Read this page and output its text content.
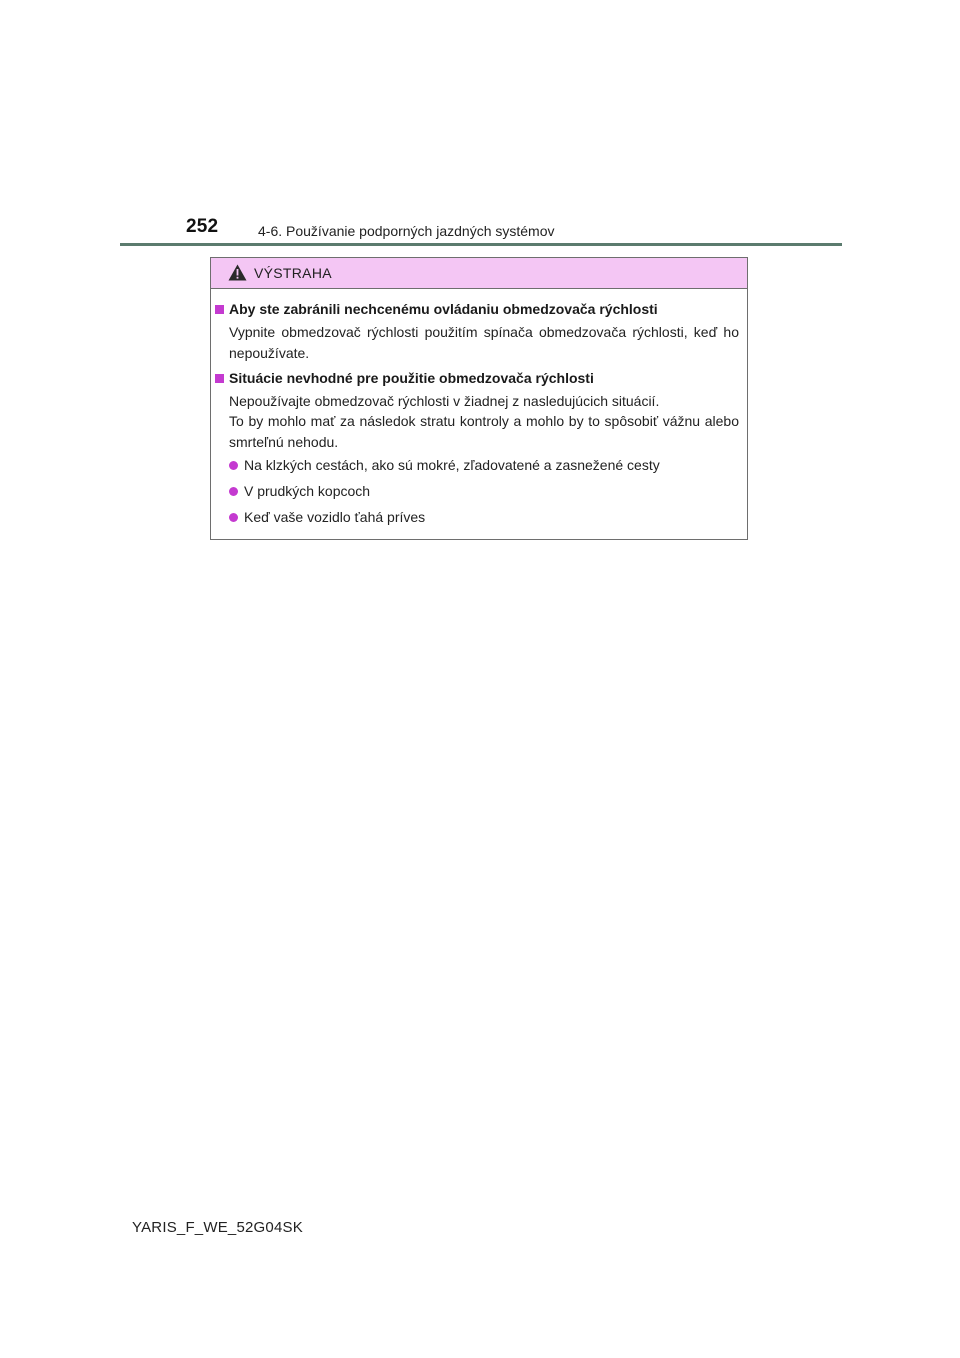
252	4-6. Používanie podporných jazdných systémov
VÝSTRAHA
Aby ste zabránili nechcenému ovládaniu obmedzovača rýchlosti
Vypnite obmedzovač rýchlosti použitím spínača obmedzovača rýchlosti, keď ho nepoužívate.
Situácie nevhodné pre použitie obmedzovača rýchlosti
Nepoužívajte obmedzovač rýchlosti v žiadnej z nasledujúcich situácií.
To by mohlo mať za následok stratu kontroly a mohlo by to spôsobiť vážnu alebo smrteľnú nehodu.
Na klzkých cestách, ako sú mokré, zľadovatené a zasnežené cesty
V prudkých kopcoch
Keď vaše vozidlo ťahá príves
YARIS_F_WE_52G04SK
